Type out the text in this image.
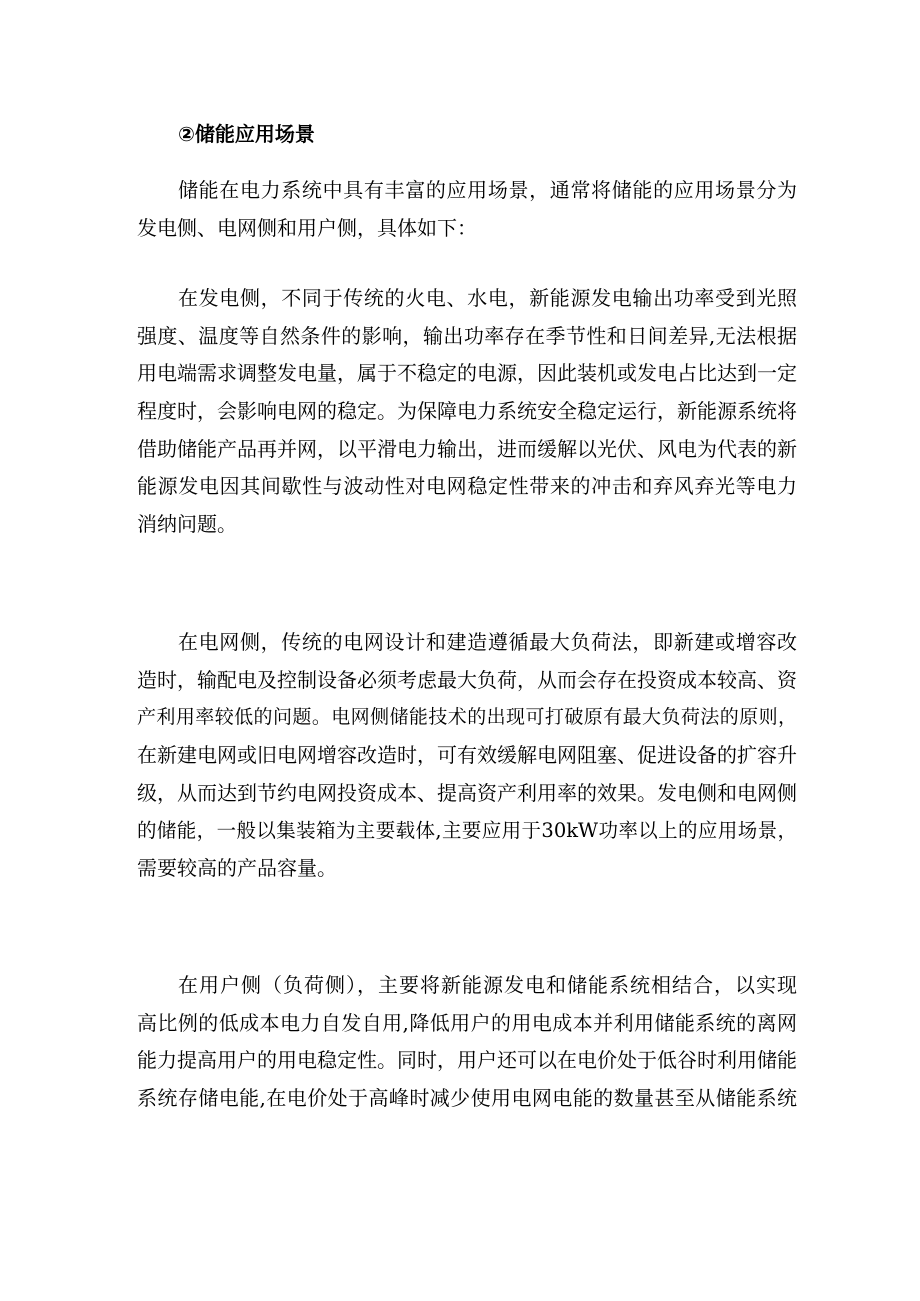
②储能应用场景
储能在电力系统中具有丰富的应用场景，通常将储能的应用场景分为
发电侧、电网侧和用户侧，具体如下：
在发电侧，不同于传统的火电、水电，新能源发电输出功率受到光照
强度、温度等自然条件的影响，输出功率存在季节性和日间差异,无法根据
用电端需求调整发电量，属于不稳定的电源，因此装机或发电占比达到一定
程度时，会影响电网的稳定。为保障电力系统安全稳定运行，新能源系统将
借助储能产品再并网，以平滑电力输出，进而缓解以光伏、风电为代表的新
能源发电因其间歇性与波动性对电网稳定性带来的冲击和弃风弃光等电力
消纳问题。
在电网侧，传统的电网设计和建造遵循最大负荷法，即新建或增容改
造时，输配电及控制设备必须考虑最大负荷，从而会存在投资成本较高、资
产利用率较低的问题。电网侧储能技术的出现可打破原有最大负荷法的原则，
在新建电网或旧电网增容改造时，可有效缓解电网阻塞、促进设备的扩容升
级，从而达到节约电网投资成本、提高资产利用率的效果。发电侧和电网侧
的储能，一般以集装箱为主要载体,主要应用于30kW功率以上的应用场景，
需要较高的产品容量。
在用户侧（负荷侧），主要将新能源发电和储能系统相结合，以实现
高比例的低成本电力自发自用,降低用户的用电成本并利用储能系统的离网
能力提高用户的用电稳定性。同时，用户还可以在电价处于低谷时利用储能
系统存储电能,在电价处于高峰时减少使用电网电能的数量甚至从储能系统
